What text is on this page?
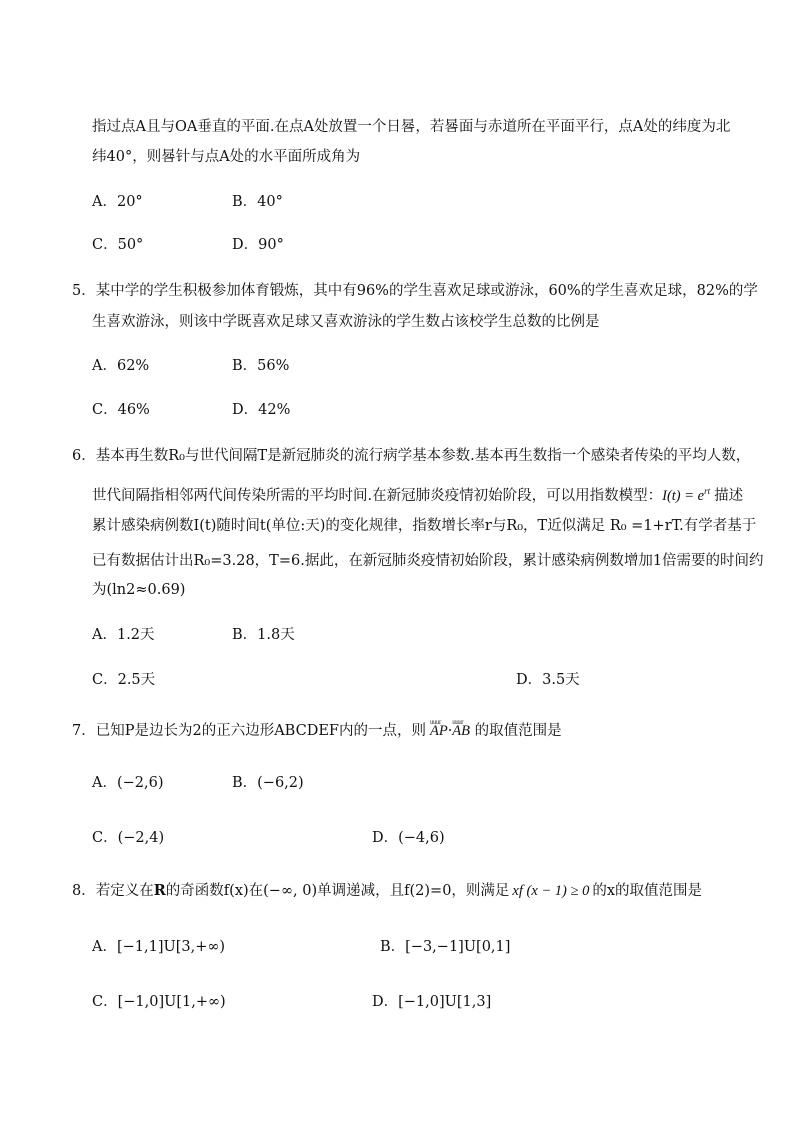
指过点A且与OA垂直的平面.在点A处放置一个日晷，若晷面与赤道所在平面平行，点A处的纬度为北
纬40°，则晷针与点A处的水平面所成角为
A．20°	B．40°
C．50°	D．90°
5．某中学的学生积极参加体育锻炼，其中有96%的学生喜欢足球或游泳，60%的学生喜欢足球，82%的学
生喜欢游泳，则该中学既喜欢足球又喜欢游泳的学生数占该校学生总数的比例是
A．62%	B．56%
C．46%	D．42%
6．基本再生数R₀与世代间隔T是新冠肺炎的流行病学基本参数.基本再生数指一个感染者传染的平均人数，
世代间隔指相邻两代间传染所需的平均时间.在新冠肺炎疫情初始阶段，可以用指数模型：$I(t) = e^{rt}$ 描述
累计感染病例数I(t)随时间t(单位:天)的变化规律，指数增长率r与R₀，T近似满足 R₀ =1+rT.有学者基于
已有数据估计出R₀=3.28，T=6.据此，在新冠肺炎疫情初始阶段，累计感染病例数增加1倍需要的时间约
为(ln2≈0.69)
A．1.2天	B．1.8天
C．2.5天	D．3.5天
7．已知P是边长为2的正六边形ABCDEF内的一点，则uuur AP·uuur AB 的取值范围是
A．(−2,6)	B．(−6,2)
C．(−2,4)	D．(−4,6)
8．若定义在R的奇函数f(x)在(−∞, 0)单调递减，且f(2)=0，则满足 xf (x − 1) ≥ 0 的x的取值范围是
A．[−1,1]U[3,+∞)	B．[−3,−1]U[0,1]
C．[−1,0]U[1,+∞)	D．[−1,0]U[1,3]
